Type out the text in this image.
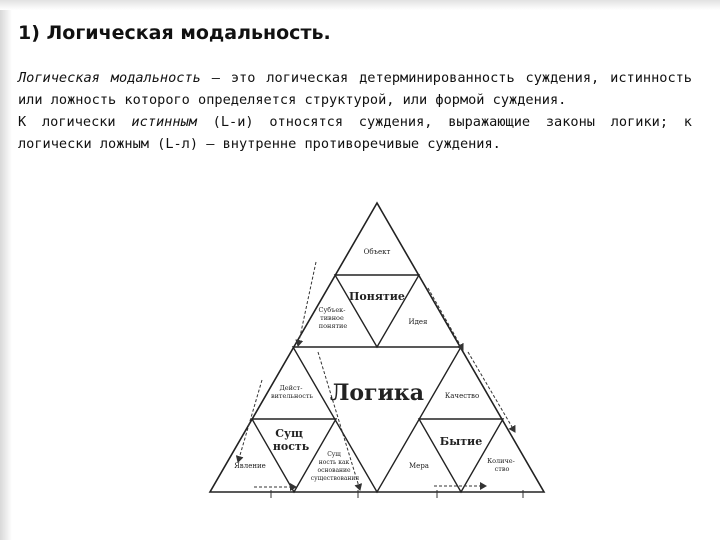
1) Логическая модальность.

Логическая модальность — это логическая детерминированность суждения, истинность или ложность которого определяется структурой, или формой суждения.

К логически истинным (L-и) относятся суждения, выражающие законы логики; к логически ложным (L-л) — внутренне противоречивые суждения.

Логика
Объект
Понятие
Субъек- тивное понятие	Идея
Дейст- вительность
Сущ ность
Явление
Сущ ность как основание существования
Качество
Бытие
Мера
Количе- ство
